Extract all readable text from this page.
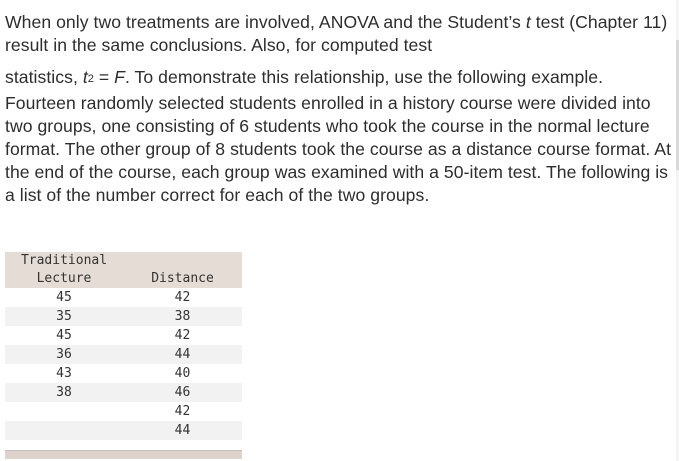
When only two treatments are involved, ANOVA and the Student’s t test (Chapter 11) result in the same conclusions. Also, for computed test

statistics, t2 = F. To demonstrate this relationship, use the following example. Fourteen randomly selected students enrolled in a history course were divided into two groups, one consisting of 6 students who took the course in the normal lecture format. The other group of 8 students took the course as a distance course format. At the end of the course, each group was examined with a 50-item test. The following is a list of the number correct for each of the two groups.

Traditional
Lecture	Distance

45	42
35	38
45	42
36	44
43	40
38	46
	42
	44
